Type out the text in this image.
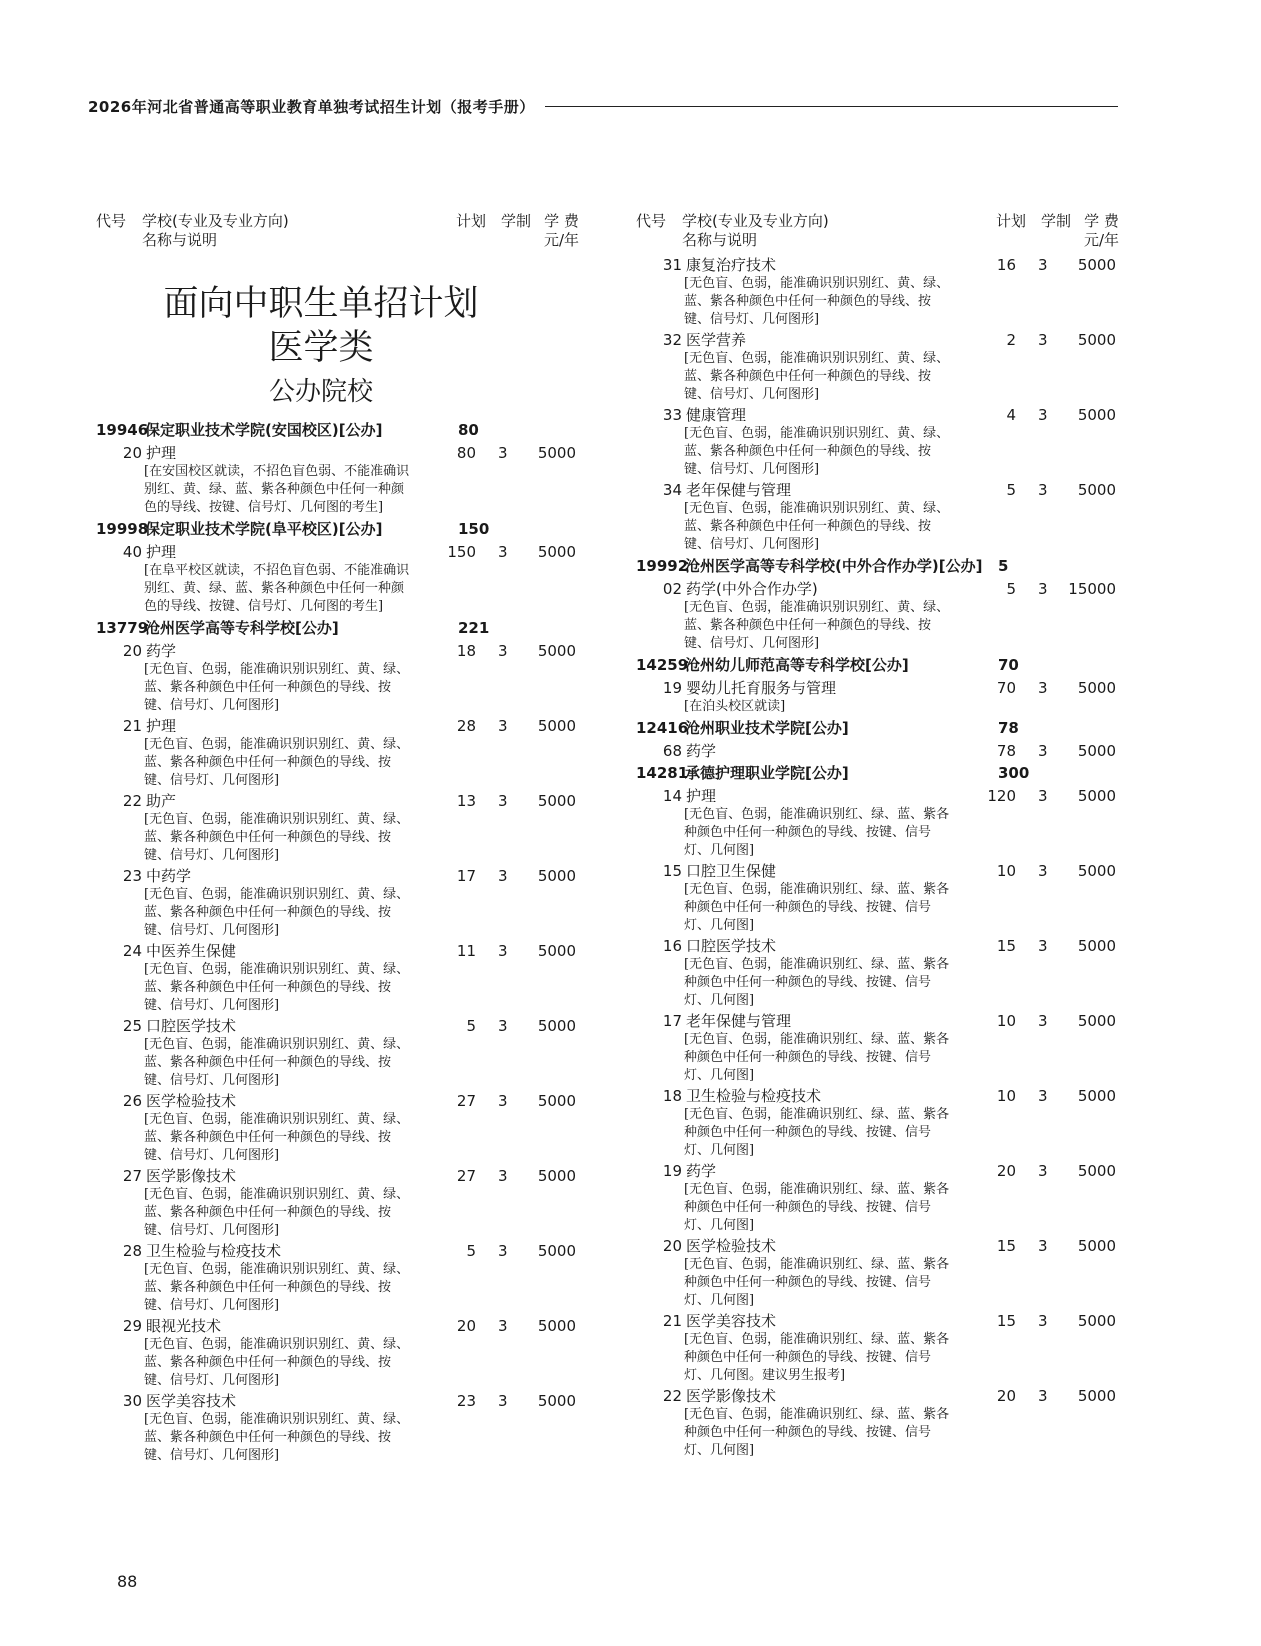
2026年河北省普通高等职业教育单独考试招生计划（报考手册）
代号 学校(专业及专业方向)
名称与说明
计划 学制 学 费
元/年
面向中职生单招计划
医学类
公办院校
19946
保定职业技术学院(安国校区)[公办]	80
20 护理	80 3	5000
[在安国校区就读，不招色盲色弱、不能准确识别红、黄、绿、蓝、紫各种颜色中任何一种颜色的导线、按键、信号灯、几何图的考生]
19998
保定职业技术学院(阜平校区)[公办]	150
40 护理	150 3	5000
[在阜平校区就读，不招色盲色弱、不能准确识别红、黄、绿、蓝、紫各种颜色中任何一种颜色的导线、按键、信号灯、几何图的考生]
13779
沧州医学高等专科学校[公办]	221
20 药学	18 3	5000
[无色盲、色弱，能准确识别识别红、黄、绿、蓝、紫各种颜色中任何一种颜色的导线、按键、信号灯、几何图形]
21 护理	28 3	5000
[无色盲、色弱，能准确识别识别红、黄、绿、蓝、紫各种颜色中任何一种颜色的导线、按键、信号灯、几何图形]
22 助产	13 3	5000
[无色盲、色弱，能准确识别识别红、黄、绿、蓝、紫各种颜色中任何一种颜色的导线、按键、信号灯、几何图形]
23 中药学	17 3	5000
[无色盲、色弱，能准确识别识别红、黄、绿、蓝、紫各种颜色中任何一种颜色的导线、按键、信号灯、几何图形]
24 中医养生保健	11 3	5000
[无色盲、色弱，能准确识别识别红、黄、绿、蓝、紫各种颜色中任何一种颜色的导线、按键、信号灯、几何图形]
25 口腔医学技术	5 3	5000
[无色盲、色弱，能准确识别识别红、黄、绿、蓝、紫各种颜色中任何一种颜色的导线、按键、信号灯、几何图形]
26 医学检验技术	27 3	5000
[无色盲、色弱，能准确识别识别红、黄、绿、蓝、紫各种颜色中任何一种颜色的导线、按键、信号灯、几何图形]
27 医学影像技术	27 3	5000
[无色盲、色弱，能准确识别识别红、黄、绿、蓝、紫各种颜色中任何一种颜色的导线、按键、信号灯、几何图形]
28 卫生检验与检疫技术	5 3	5000
[无色盲、色弱，能准确识别识别红、黄、绿、蓝、紫各种颜色中任何一种颜色的导线、按键、信号灯、几何图形]
29 眼视光技术	20 3	5000
[无色盲、色弱，能准确识别识别红、黄、绿、蓝、紫各种颜色中任何一种颜色的导线、按键、信号灯、几何图形]
30 医学美容技术	23 3	5000
[无色盲、色弱，能准确识别识别红、黄、绿、蓝、紫各种颜色中任何一种颜色的导线、按键、信号灯、几何图形]
代号 学校(专业及专业方向)
名称与说明
计划 学制 学 费
元/年
31 康复治疗技术	16 3	5000
[无色盲、色弱，能准确识别识别红、黄、绿、蓝、紫各种颜色中任何一种颜色的导线、按键、信号灯、几何图形]
32 医学营养	2 3	5000
[无色盲、色弱，能准确识别识别红、黄、绿、蓝、紫各种颜色中任何一种颜色的导线、按键、信号灯、几何图形]
33 健康管理	4 3	5000
[无色盲、色弱，能准确识别识别红、黄、绿、蓝、紫各种颜色中任何一种颜色的导线、按键、信号灯、几何图形]
34 老年保健与管理	5 3	5000
[无色盲、色弱，能准确识别识别红、黄、绿、蓝、紫各种颜色中任何一种颜色的导线、按键、信号灯、几何图形]
19992
沧州医学高等专科学校(中外合作办学)[公办] 5
02 药学(中外合作办学)	5 3 15000
[无色盲、色弱，能准确识别识别红、黄、绿、蓝、紫各种颜色中任何一种颜色的导线、按键、信号灯、几何图形]
14259
沧州幼儿师范高等专科学校[公办]	70
19 婴幼儿托育服务与管理	70 3	5000
[在泊头校区就读]
12416
沧州职业技术学院[公办]	78
68 药学	78 3	5000
14281
承德护理职业学院[公办]	300
14 护理	120 3	5000
[无色盲、色弱，能准确识别红、绿、蓝、紫各种颜色中任何一种颜色的导线、按键、信号灯、几何图]
15 口腔卫生保健	10 3	5000
[无色盲、色弱，能准确识别红、绿、蓝、紫各种颜色中任何一种颜色的导线、按键、信号灯、几何图]
16 口腔医学技术	15 3	5000
[无色盲、色弱，能准确识别红、绿、蓝、紫各种颜色中任何一种颜色的导线、按键、信号灯、几何图]
17 老年保健与管理	10 3	5000
[无色盲、色弱，能准确识别红、绿、蓝、紫各种颜色中任何一种颜色的导线、按键、信号灯、几何图]
18 卫生检验与检疫技术	10 3	5000
[无色盲、色弱，能准确识别红、绿、蓝、紫各种颜色中任何一种颜色的导线、按键、信号灯、几何图]
19 药学	20 3	5000
[无色盲、色弱，能准确识别红、绿、蓝、紫各种颜色中任何一种颜色的导线、按键、信号灯、几何图]
20 医学检验技术	15 3	5000
[无色盲、色弱，能准确识别红、绿、蓝、紫各种颜色中任何一种颜色的导线、按键、信号灯、几何图]
21 医学美容技术	15 3	5000
[无色盲、色弱，能准确识别红、绿、蓝、紫各种颜色中任何一种颜色的导线、按键、信号灯、几何图。建议男生报考]
22 医学影像技术	20 3	5000
[无色盲、色弱，能准确识别红、绿、蓝、紫各种颜色中任何一种颜色的导线、按键、信号灯、几何图]
88
